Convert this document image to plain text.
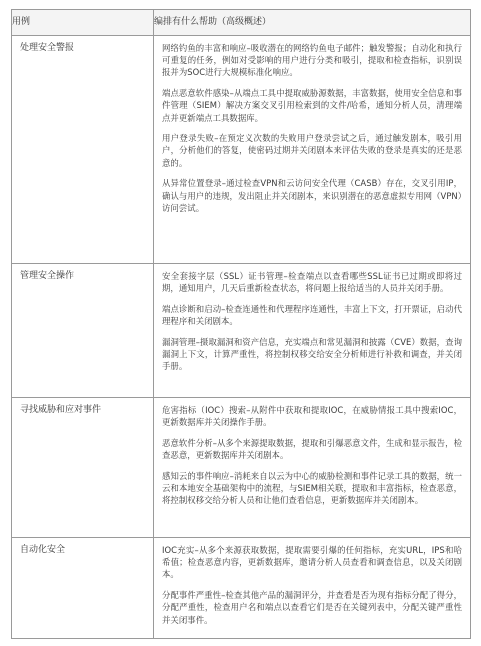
用例	编排有什么帮助（高级概述）
处理安全警报	网络钓鱼的丰富和响应–吸收潜在的网络钓鱼电子邮件；触发警报；自动化和执行可重复的任务，例如对受影响的用户进行分类和吸引，提取和检查指标，识别误报并为SOC进行大规模标准化响应。

端点恶意软件感染–从端点工具中提取威胁源数据，丰富数据，使用安全信息和事件管理（SIEM）解决方案交叉引用检索到的文件/哈希，通知分析人员，清理端点并更新端点工具数据库。

用户登录失败–在预定义次数的失败用户登录尝试之后，通过触发剧本，吸引用户，分析他们的答复，使密码过期并关闭剧本来评估失败的登录是真实的还是恶意的。

从异常位置登录–通过检查VPN和云访问安全代理（CASB）存在，交叉引用IP，确认与用户的违规，发出阻止并关闭剧本，来识别潜在的恶意虚拟专用网（VPN）访问尝试。

管理安全操作	安全套接字层（SSL）证书管理–检查端点以查看哪些SSL证书已过期或即将过期，通知用户，几天后重新检查状态，将问题上报给适当的人员并关闭手册。

端点诊断和启动–检查连通性和代理程序连通性，丰富上下文，打开票证，启动代理程序和关闭剧本。

漏洞管理–摄取漏洞和资产信息，充实端点和常见漏洞和披露（CVE）数据，查询漏洞上下文，计算严重性，将控制权移交给安全分析师进行补救和调查，并关闭手册。

寻找威胁和应对事件	危害指标（IOC）搜索–从附件中获取和提取IOC，在威胁情报工具中搜索IOC，更新数据库并关闭操作手册。

恶意软件分析–从多个来源提取数据，提取和引爆恶意文件，生成和显示报告，检查恶意，更新数据库并关闭剧本。

感知云的事件响应–消耗来自以云为中心的威胁检测和事件记录工具的数据，统一云和本地安全基础架构中的流程，与SIEM相关联，提取和丰富指标，检查恶意，将控制权移交给分析人员和让他们查看信息，更新数据库并关闭剧本。

自动化安全	IOC充实–从多个来源获取数据，提取需要引爆的任何指标，充实URL，IPS和哈希值；检查恶意内容，更新数据库，邀请分析人员查看和调查信息，以及关闭剧本。

分配事件严重性–检查其他产品的漏洞评分，并查看是否为现有指标分配了得分，分配严重性，检查用户名和端点以查看它们是否在关键列表中，分配关键严重性并关闭事件。
